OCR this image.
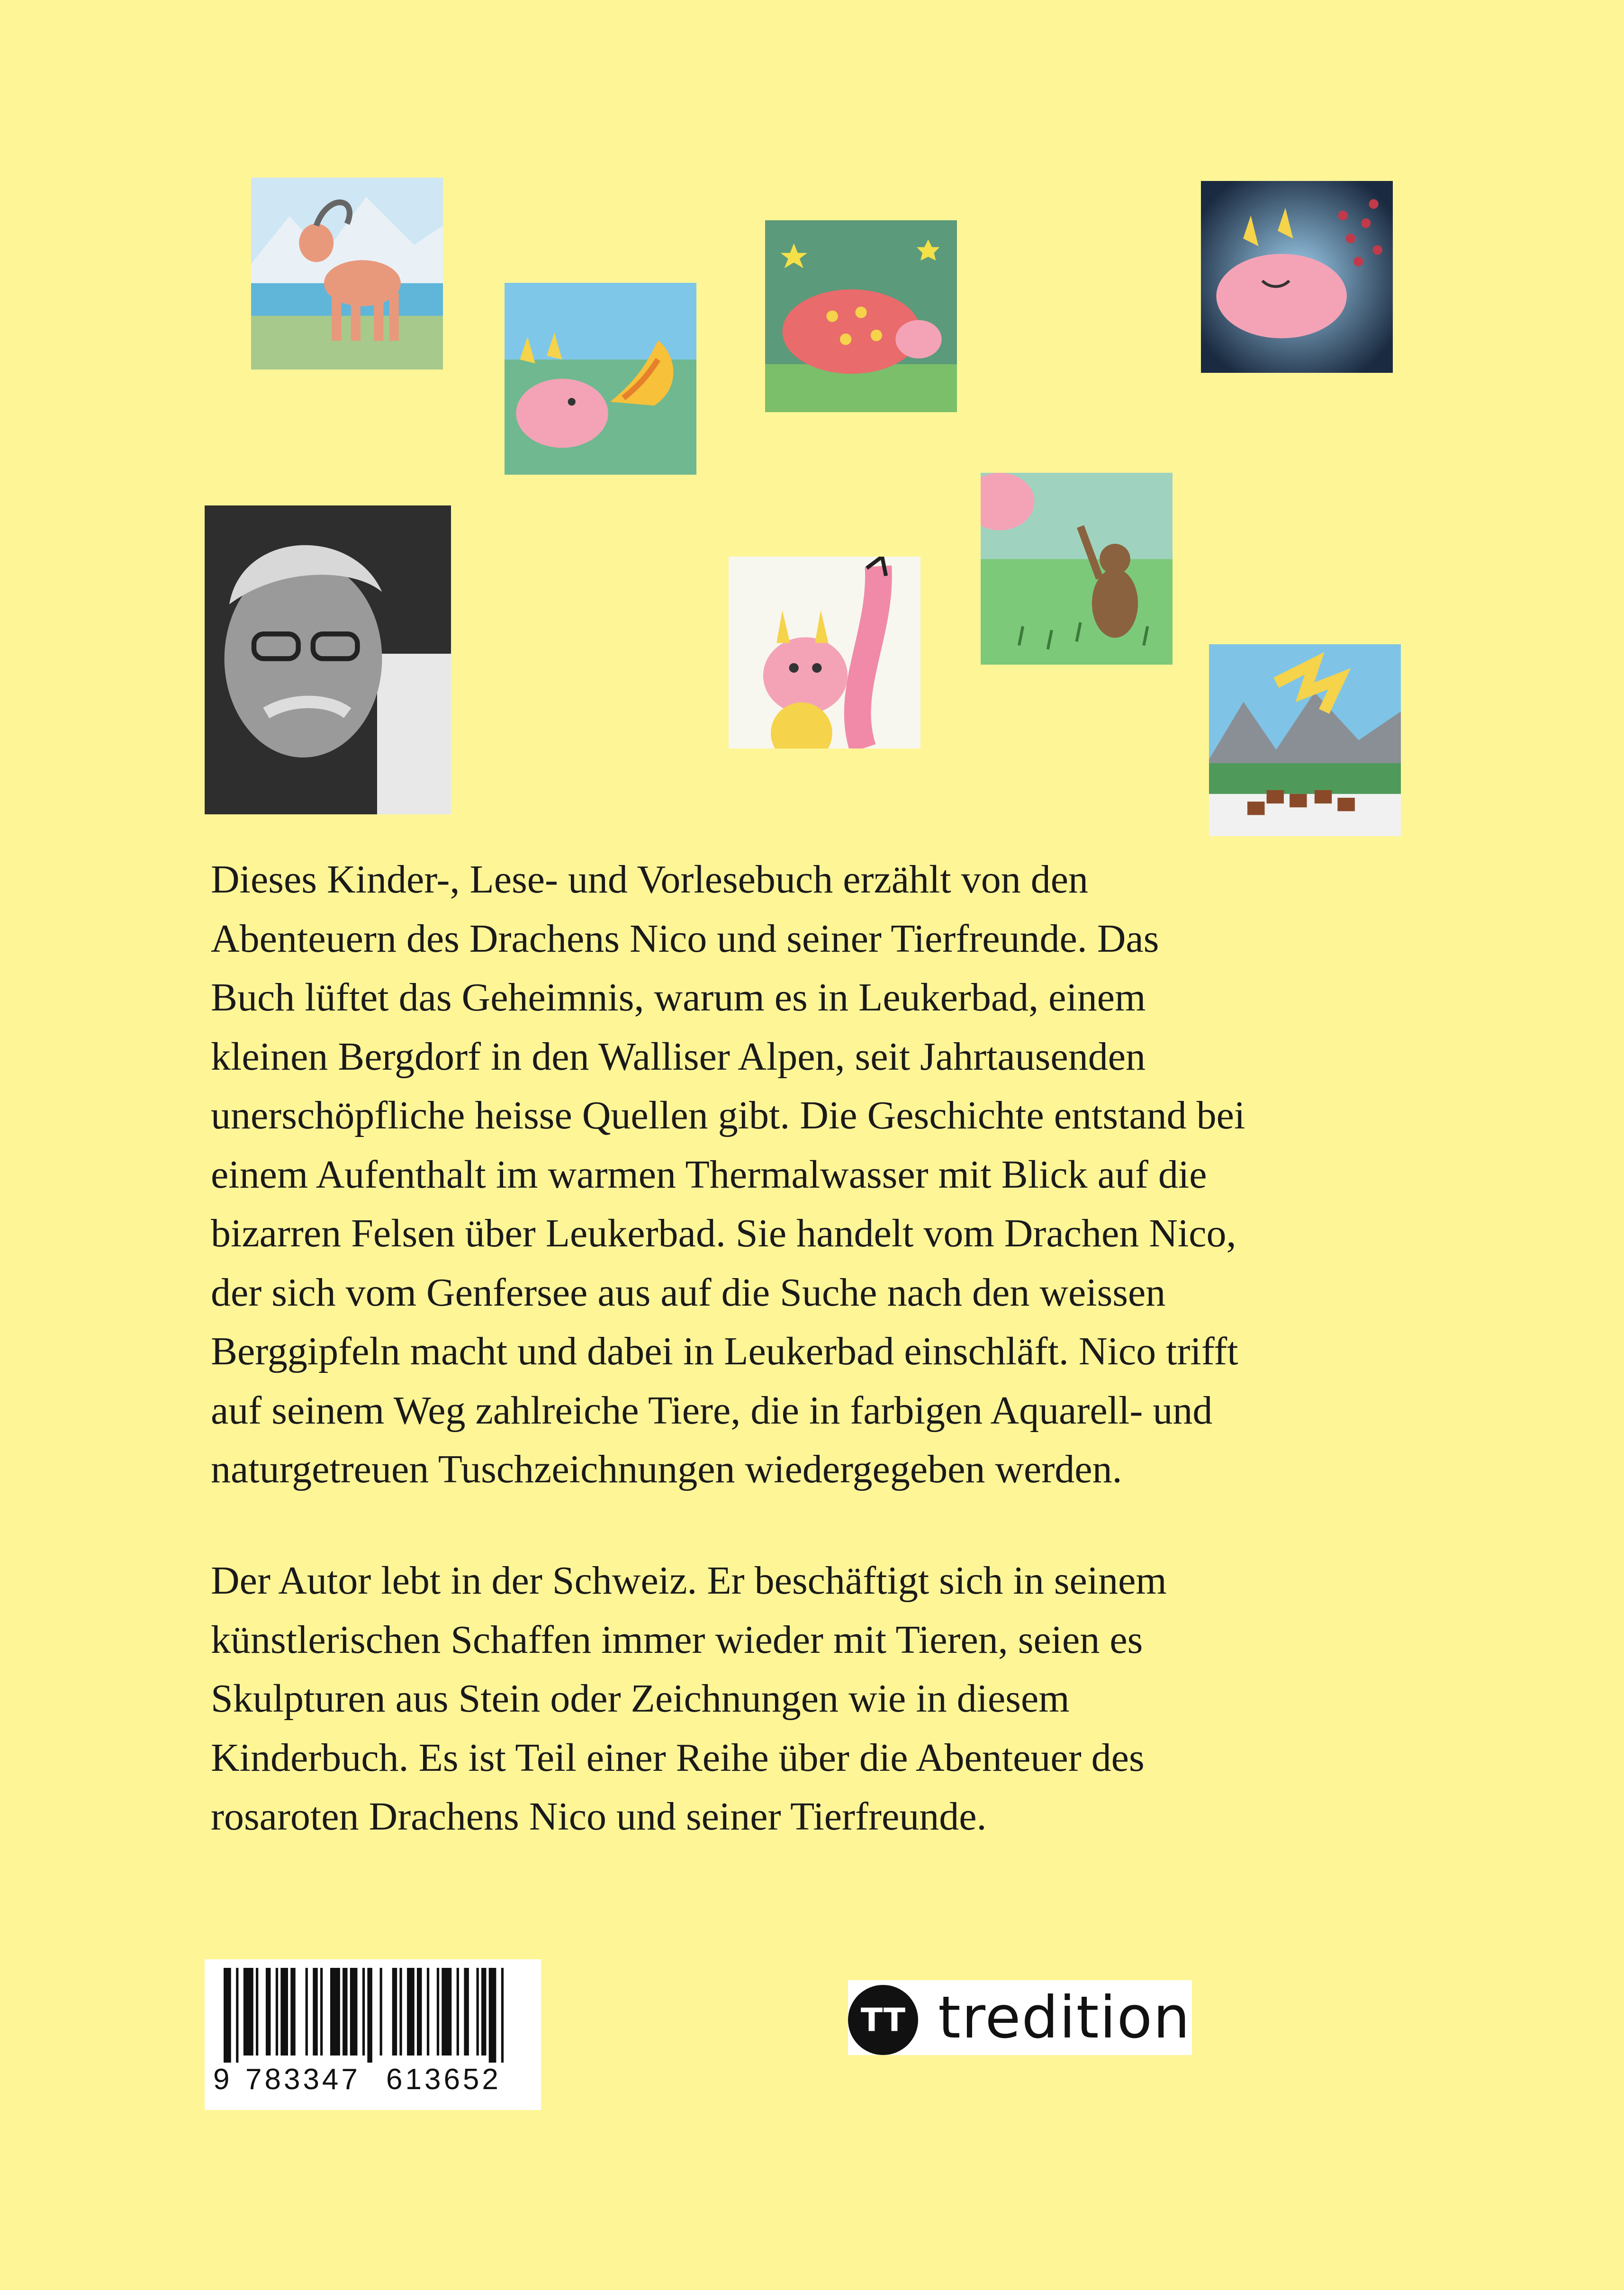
Dieses Kinder-, Lese- und Vorlesebuch erzählt von den
Abenteuern des Drachens Nico und seiner Tierfreunde. Das
Buch lüftet das Geheimnis, warum es in Leukerbad, einem
kleinen Bergdorf in den Walliser Alpen, seit Jahrtausenden
unerschöpfliche heisse Quellen gibt. Die Geschichte entstand bei
einem Aufenthalt im warmen Thermalwasser mit Blick auf die
bizarren Felsen über Leukerbad. Sie handelt vom Drachen Nico,
der sich vom Genfersee aus auf die Suche nach den weissen
Berggipfeln macht und dabei in Leukerbad einschläft. Nico trifft
auf seinem Weg zahlreiche Tiere, die in farbigen Aquarell- und
naturgetreuen Tuschzeichnungen wiedergegeben werden.
Der Autor lebt in der Schweiz. Er beschäftigt sich in seinem
künstlerischen Schaffen immer wieder mit Tieren, seien es
Skulpturen aus Stein oder Zeichnungen wie in diesem
Kinderbuch. Es ist Teil einer Reihe über die Abenteuer des
rosaroten Drachens Nico und seiner Tierfreunde.
9 783347 613652
TT tredition
